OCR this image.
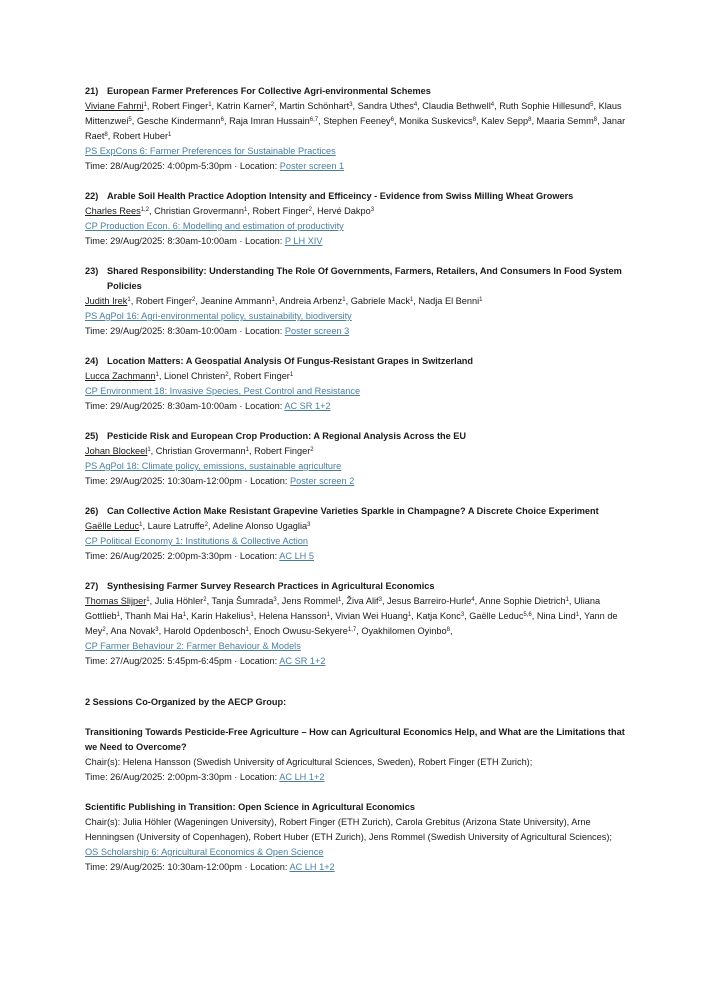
21) European Farmer Preferences For Collective Agri-environmental Schemes
Viviane Fahrni$^1$, Robert Finger$^1$, Katrin Karner$^2$, Martin Schönhart$^3$, Sandra Uthes$^4$, Claudia Bethwell$^4$, Ruth Sophie Hillesund$^5$, Klaus Mittenzwei$^5$, Gesche Kindermann$^6$, Raja Imran Hussain$^{6,7}$, Stephen Feeney$^6$, Monika Suskevics$^8$, Kalev Sepp$^8$, Maaria Semm$^8$, Janar Raet$^8$, Robert Huber$^1$
PS ExpCons 6: Farmer Preferences for Sustainable Practices
Time: 28/Aug/2025: 4:00pm-5:30pm · Location: Poster screen 1
22) Arable Soil Health Practice Adoption Intensity and Efficeincy - Evidence from Swiss Milling Wheat Growers
Charles Rees$^{1,2}$, Christian Grovermann$^1$, Robert Finger$^2$, Hervé Dakpo$^3$
CP Production Econ. 6: Modelling and estimation of productivity
Time: 29/Aug/2025: 8:30am-10:00am · Location: P LH XIV
23) Shared Responsibility: Understanding The Role Of Governments, Farmers, Retailers, And Consumers In Food System Policies
Judith Irek$^1$, Robert Finger$^2$, Jeanine Ammann$^1$, Andreia Arbenz$^1$, Gabriele Mack$^1$, Nadja El Benni$^1$
PS AgPol 16: Agri-environmental policy, sustainability, biodiversity
Time: 29/Aug/2025: 8:30am-10:00am · Location: Poster screen 3
24) Location Matters: A Geospatial Analysis Of Fungus-Resistant Grapes in Switzerland
Lucca Zachmann$^1$, Lionel Christen$^2$, Robert Finger$^1$
CP Environment 18: Invasive Species, Pest Control and Resistance
Time: 29/Aug/2025: 8:30am-10:00am · Location: AC SR 1+2
25) Pesticide Risk and European Crop Production: A Regional Analysis Across the EU
Johan Blockeel$^1$, Christian Grovermann$^1$, Robert Finger$^2$
PS AgPol 18: Climate policy, emissions, sustainable agriculture
Time: 29/Aug/2025: 10:30am-12:00pm · Location: Poster screen 2
26) Can Collective Action Make Resistant Grapevine Varieties Sparkle in Champagne? A Discrete Choice Experiment
Gaëlle Leduc$^1$, Laure Latruffe$^2$, Adeline Alonso Ugaglia$^3$
CP Political Economy 1: Institutions & Collective Action
Time: 26/Aug/2025: 2:00pm-3:30pm · Location: AC LH 5
27) Synthesising Farmer Survey Research Practices in Agricultural Economics
Thomas Slijper$^1$, Julia Höhler$^2$, Tanja Šumrada$^3$, Jens Rommel$^1$, Živa Alif$^3$, Jesus Barreiro-Hurle$^4$, Anne Sophie Dietrich$^1$, Uliana Gottlieb$^1$, Thanh Mai Ha$^1$, Karin Hakelius$^1$, Helena Hansson$^1$, Vivian Wei Huang$^1$, Katja Konc$^3$, Gaëlle Leduc$^{5,6}$, Nina Lind$^1$, Yann de Mey$^2$, Ana Novak$^3$, Harold Opdenbosch$^1$, Enoch Owusu-Sekyere$^{1,7}$, Oyakhilomen Oyinbo$^8$,
CP Farmer Behaviour 2: Farmer Behaviour & Models
Time: 27/Aug/2025: 5:45pm-6:45pm · Location: AC SR 1+2
2 Sessions Co-Organized by the AECP Group:
Transitioning Towards Pesticide-Free Agriculture – How can Agricultural Economics Help, and What are the Limitations that we Need to Overcome?
Chair(s): Helena Hansson (Swedish University of Agricultural Sciences, Sweden), Robert Finger (ETH Zurich);
Time: 26/Aug/2025: 2:00pm-3:30pm · Location: AC LH 1+2
Scientific Publishing in Transition: Open Science in Agricultural Economics
Chair(s): Julia Höhler (Wageningen University), Robert Finger (ETH Zurich), Carola Grebitus (Arizona State University), Arne Henningsen (University of Copenhagen), Robert Huber (ETH Zurich), Jens Rommel (Swedish University of Agricultural Sciences);
OS Scholarship 6: Agricultural Economics & Open Science
Time: 29/Aug/2025: 10:30am-12:00pm · Location: AC LH 1+2
